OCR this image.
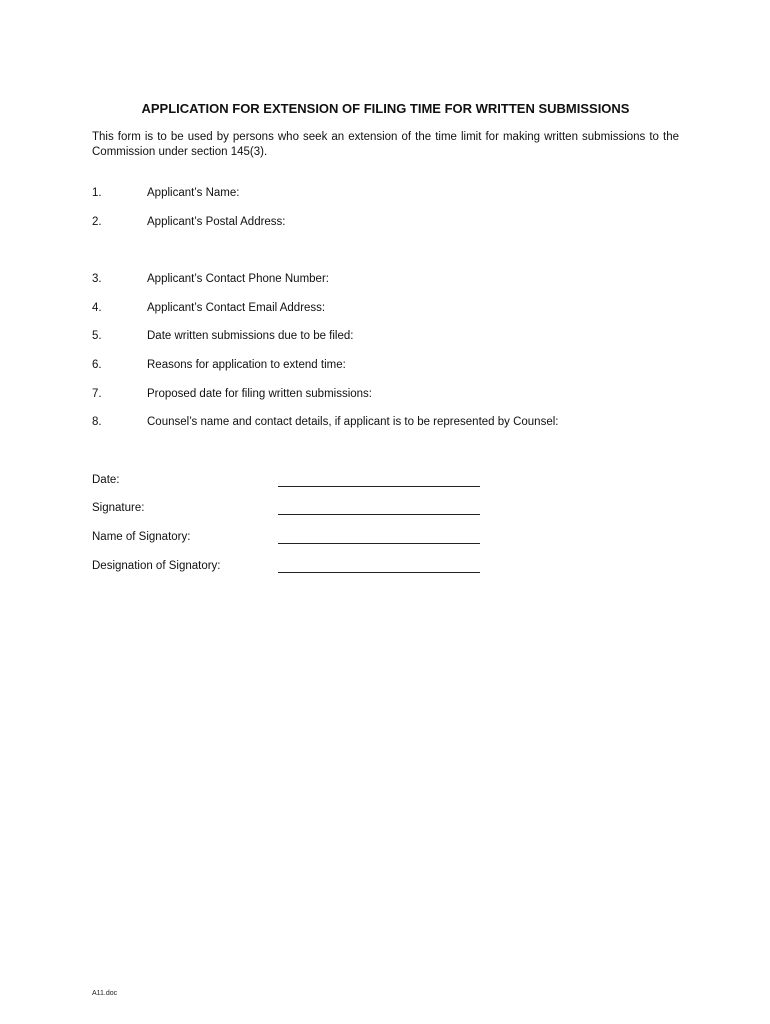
APPLICATION FOR EXTENSION OF FILING TIME FOR WRITTEN SUBMISSIONS
This form is to be used by persons who seek an extension of the time limit for making written submissions to the Commission under section 145(3).
1.	Applicant’s Name:
2.	Applicant’s Postal Address:
3.	Applicant’s Contact Phone Number:
4.	Applicant’s Contact Email Address:
5.	Date written submissions due to be filed:
6.	Reasons for application to extend time:
7.	Proposed date for filing written submissions:
8.	Counsel’s name and contact details, if applicant is to be represented by Counsel:
Date:
Signature:
Name of Signatory:
Designation of Signatory:
A11.doc
